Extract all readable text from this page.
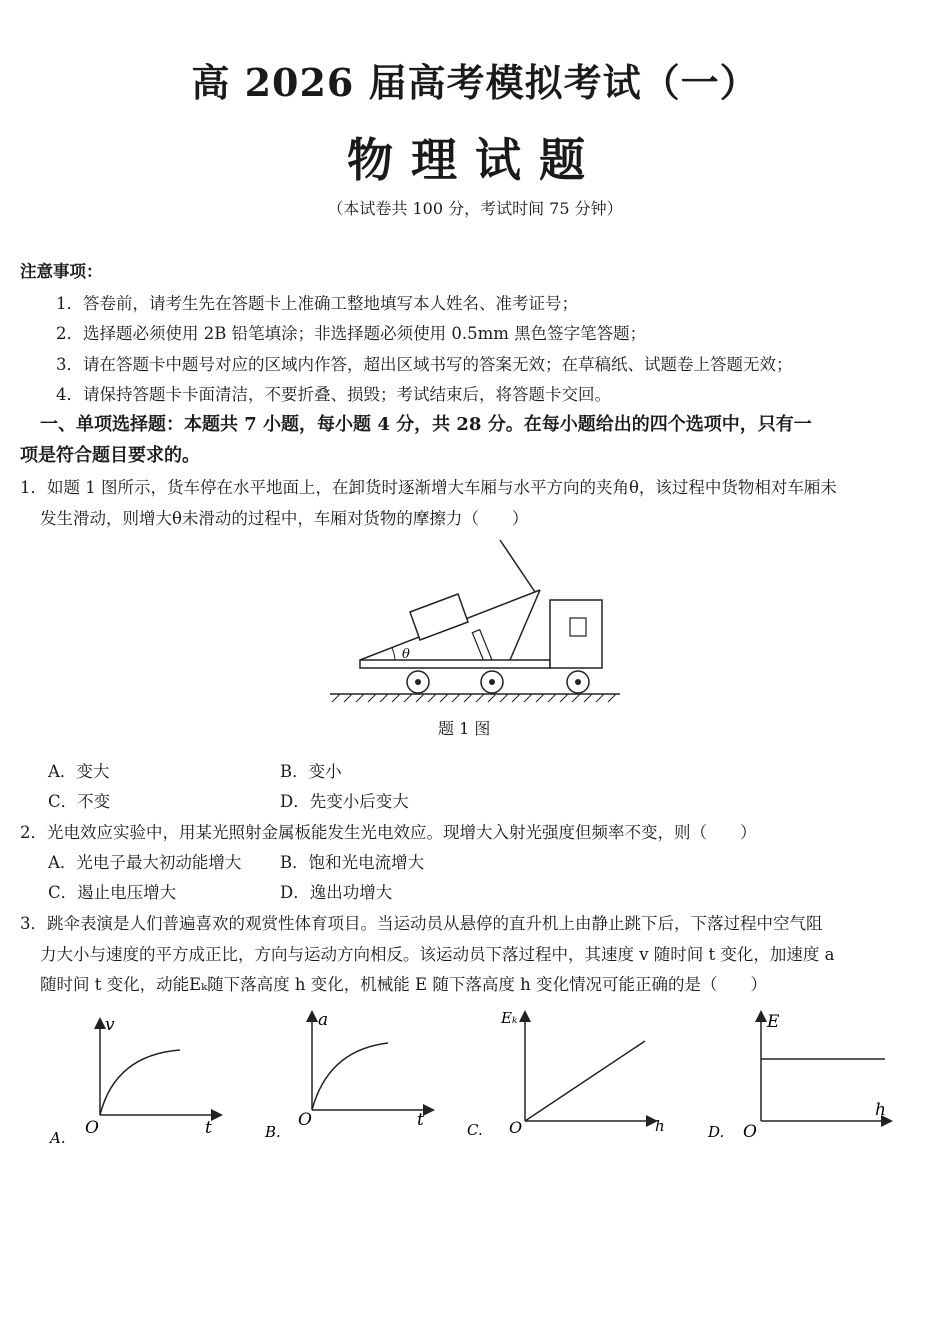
高 2026 届高考模拟考试（一）
物理试题
（本试卷共 100 分，考试时间 75 分钟）
注意事项：
1．答卷前，请考生先在答题卡上准确工整地填写本人姓名、准考证号；
2．选择题必须使用 2B 铅笔填涂；非选择题必须使用 0.5mm 黑色签字笔答题；
3．请在答题卡中题号对应的区域内作答，超出区域书写的答案无效；在草稿纸、试题卷上答题无效；
4．请保持答题卡卡面清洁，不要折叠、损毁；考试结束后，将答题卡交回。
一、单项选择题：本题共 7 小题，每小题 4 分，共 28 分。在每小题给出的四个选项中，只有一
项是符合题目要求的。
1．如题 1 图所示，货车停在水平地面上，在卸货时逐渐增大车厢与水平方向的夹角θ，该过程中货物相对车厢未
发生滑动，则增大θ未滑动的过程中，车厢对货物的摩擦力（　　）
θ
题 1 图
A．变大	B．变小
C．不变	D．先变小后变大
2．光电效应实验中，用某光照射金属板能发生光电效应。现增大入射光强度但频率不变，则（　　）
A．光电子最大初动能增大 B．饱和光电流增大
C．遏止电压增大	D．逸出功增大
3．跳伞表演是人们普遍喜欢的观赏性体育项目。当运动员从悬停的直升机上由静止跳下后，下落过程中空气阻
力大小与速度的平方成正比，方向与运动方向相反。该运动员下落过程中，其速度 v 随时间 t 变化，加速度 a
随时间 t 变化，动能Eₖ随下落高度 h 变化，机械能 E 随下落高度 h 变化情况可能正确的是（　　）
v
t
O
A.
a
t
O
B.
Eₖ
h
O
C.
E
h
O
D.
